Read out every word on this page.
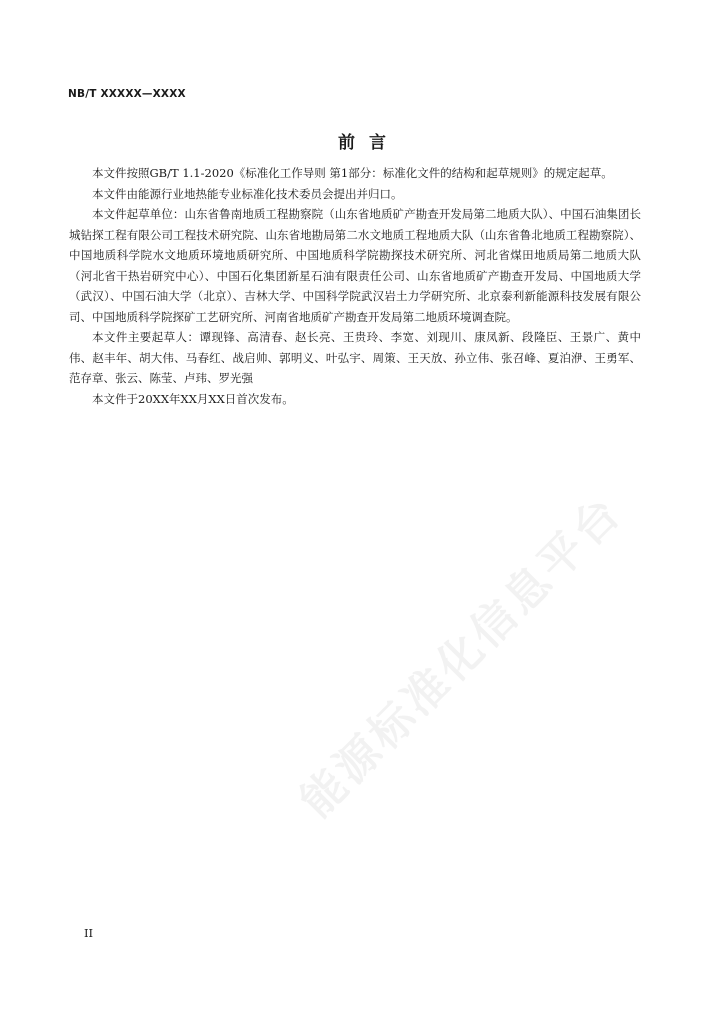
NB/T XXXXX—XXXX
前言

本文件按照GB/T 1.1-2020《标准化工作导则 第1部分：标准化文件的结构和起草规则》的规定起草。

本文件由能源行业地热能专业标准化技术委员会提出并归口。

本文件起草单位：山东省鲁南地质工程勘察院（山东省地质矿产勘查开发局第二地质大队）、中国石油集团长城钻探工程有限公司工程技术研究院、山东省地勘局第二水文地质工程地质大队（山东省鲁北地质工程勘察院）、中国地质科学院水文地质环境地质研究所、中国地质科学院勘探技术研究所、河北省煤田地质局第二地质大队（河北省干热岩研究中心）、中国石化集团新星石油有限责任公司、山东省地质矿产勘查开发局、中国地质大学（武汉）、中国石油大学（北京）、吉林大学、中国科学院武汉岩土力学研究所、北京泰利新能源科技发展有限公司、中国地质科学院探矿工艺研究所、河南省地质矿产勘查开发局第二地质环境调查院。

本文件主要起草人：谭现锋、高清春、赵长亮、王贵玲、李宽、刘现川、康凤新、段隆臣、王景广、黄中伟、赵丰年、胡大伟、马春红、战启帅、郭明义、叶弘宇、周策、王天放、孙立伟、张召峰、夏泊洢、王勇军、范存章、张云、陈莹、卢玮、罗光强

本文件于20XX年XX月XX日首次发布。

能源标准化信息平台
II
